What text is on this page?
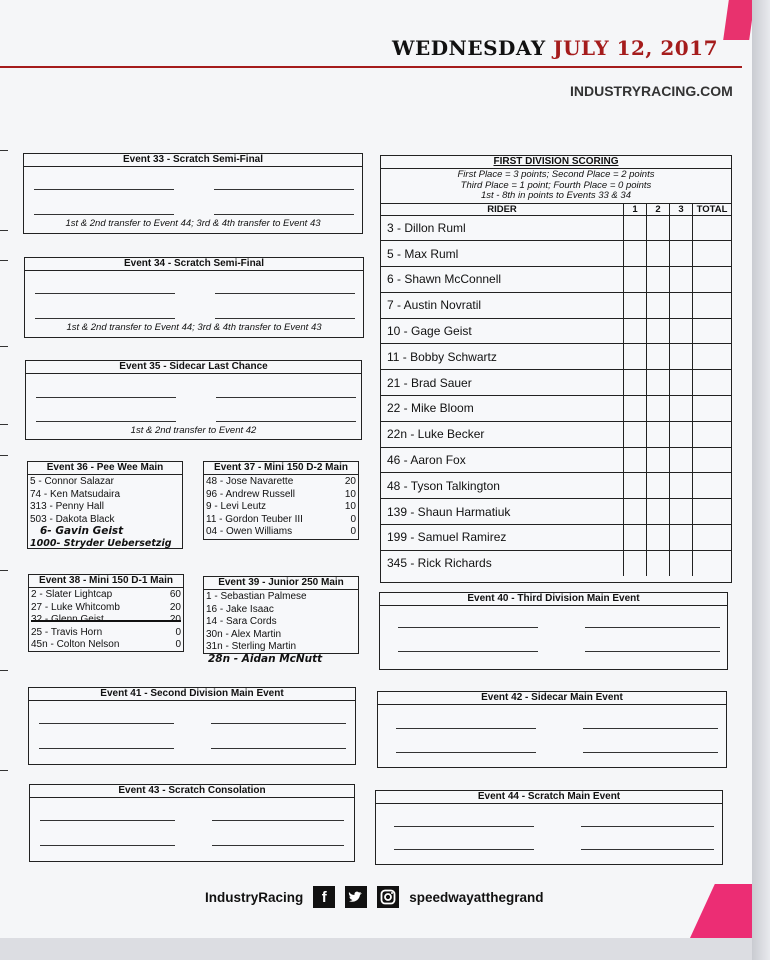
WEDNESDAY JULY 12, 2017
INDUSTRYRACING.COM
Event 33 - Scratch Semi-Final
1st & 2nd transfer to Event 44; 3rd & 4th transfer to Event 43
Event 34 - Scratch Semi-Final
1st & 2nd transfer to Event 44; 3rd & 4th transfer to Event 43
Event 35 - Sidecar Last Chance
1st & 2nd transfer to Event 42
Event 36 - Pee Wee Main
5 - Connor Salazar
74 - Ken Matsudaira
313 - Penny Hall
503 - Dakota Black
6- Gavin Geist
1000- Stryder Uebersetzig
Event 37 - Mini 150 D-2 Main
48 - Jose Navarette	20
96 - Andrew Russell	10
9 - Levi Leutz	10
11 - Gordon Teuber III	0
04 - Owen Williams	0
Event 38 - Mini 150 D-1 Main
2 - Slater Lightcap	60
27 - Luke Whitcomb	20
32 - Glenn Geist	20
25 - Travis Horn	0
45n - Colton Nelson	0
Event 39 - Junior 250 Main
1 - Sebastian Palmese
16 - Jake Isaac
14 - Sara Cords
30n - Alex Martin
31n - Sterling Martin
28n - Aidan McNutt
FIRST DIVISION SCORING
First Place = 3 points; Second Place = 2 points
Third Place = 1 point; Fourth Place = 0 points
1st - 8th in points to Events 33 & 34
RIDER	1	2	3	TOTAL
3 - Dillon Ruml				
5 - Max Ruml				
6 - Shawn McConnell				
7 - Austin Novratil				
10 - Gage Geist				
11 - Bobby Schwartz				
21 - Brad Sauer				
22 - Mike Bloom				
22n - Luke Becker				
46 - Aaron Fox				
48 - Tyson Talkington				
139 - Shaun Harmatiuk				
199 - Samuel Ramirez				
345 - Rick Richards				
Event 40 - Third Division Main Event
Event 41 - Second Division Main Event	Event 42 - Sidecar Main Event
Event 43 - Scratch Consolation
Event 44 - Scratch Main Event
IndustryRacing	f	speedwayatthegrand
